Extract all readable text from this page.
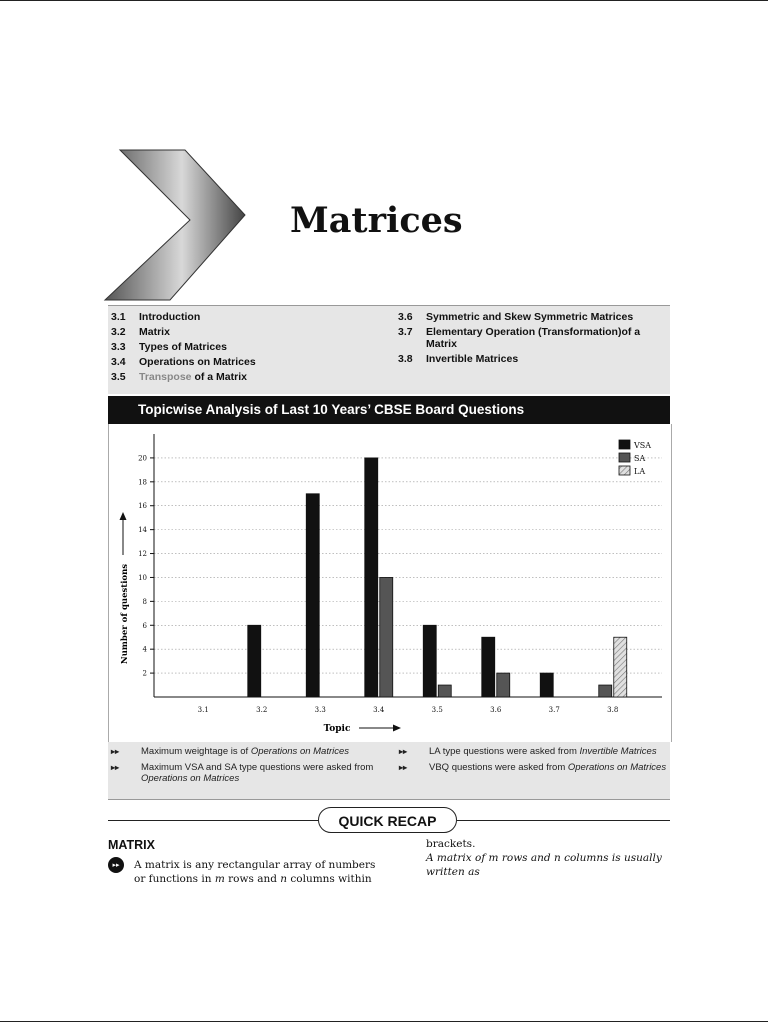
Matrices
3.1	Introduction
3.2	Matrix
3.3	Types of Matrices
3.4	Operations on Matrices
3.5	Transpose of a Matrix
3.6	Symmetric and Skew Symmetric Matrices
3.7	Elementary Operation (Transformation)of a Matrix
3.8	Invertible Matrices
Topicwise Analysis of Last 10 Years’ CBSE Board Questions
2
4
6
8
10
12
14
16
18
20
3.1	3.2	3.3	3.4	3.5	3.6	3.7	3.8
VSA
SA
LA
Number of questions
Topic
▸▸	Maximum weightage is of Operations on Matrices
▸▸	Maximum VSA and SA type questions were asked from Operations on Matrices
▸▸	LA type questions were asked from Invertible Matrices
▸▸	VBQ questions were asked from Operations on Matrices
QUICK RECAP
MATRIX
▸▸	A matrix is any rectangular array of numbers or functions in m rows and n columns within
brackets.
A matrix of m rows and n columns is usually written as
